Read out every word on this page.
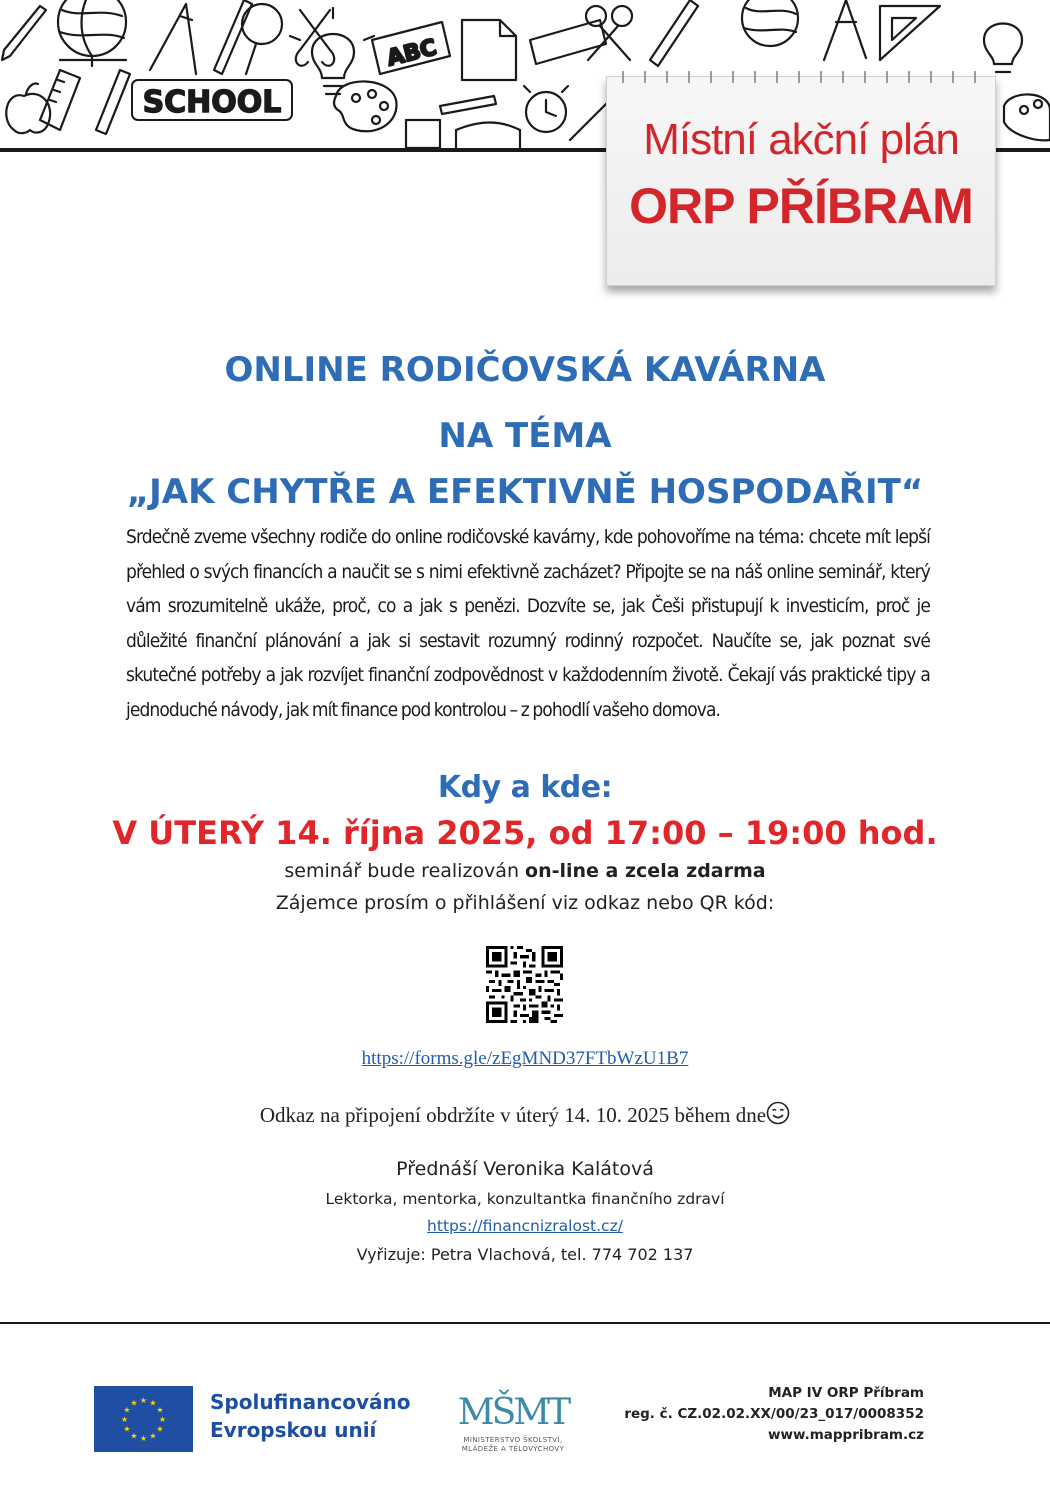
SCHOOL
ABC
Místní akční plán
ORP PŘÍBRAM
ONLINE RODIČOVSKÁ KAVÁRNA
NA TÉMA
„JAK CHYTŘE A EFEKTIVNĚ HOSPODAŘIT“
Srdečně zveme všechny rodiče do online rodičovské kavárny, kde pohovoříme na téma: chcete mít lepší přehled o svých financích a naučit se s nimi efektivně zacházet? Připojte se na náš online seminář, který vám srozumitelně ukáže, proč, co a jak s penězi. Dozvíte se, jak Češi přistupují k investicím, proč je důležité finanční plánování a jak si sestavit rozumný rodinný rozpočet. Naučíte se, jak poznat své skutečné potřeby a jak rozvíjet finanční zodpovědnost v každodenním životě. Čekají vás praktické tipy a jednoduché návody, jak mít finance pod kontrolou – z pohodlí vašeho domova.
Kdy a kde:
V ÚTERÝ 14. října 2025, od 17:00 – 19:00 hod.
seminář bude realizován on-line a zcela zdarma
Zájemce prosím o přihlášení viz odkaz nebo QR kód:
https://forms.gle/zEgMND37FTbWzU1B7
Odkaz na připojení obdržíte v úterý 14. 10. 2025 během dne
Přednáší Veronika Kalátová
Lektorka, mentorka, konzultantka finančního zdraví
https://financnizralost.cz/
Vyřizuje: Petra Vlachová, tel. 774 702 137
★ ★
★
★
★
★
★
★
★
★
★
★	Spolufinancováno
Evropskou unií	MŠMT
MINISTERSTVO ŠKOLSTVÍ,
MLÁDEŽE A TĚLOVÝCHOVY
MAP IV ORP Příbram
reg. č. CZ.02.02.XX/00/23_017/0008352
www.mappribram.cz
